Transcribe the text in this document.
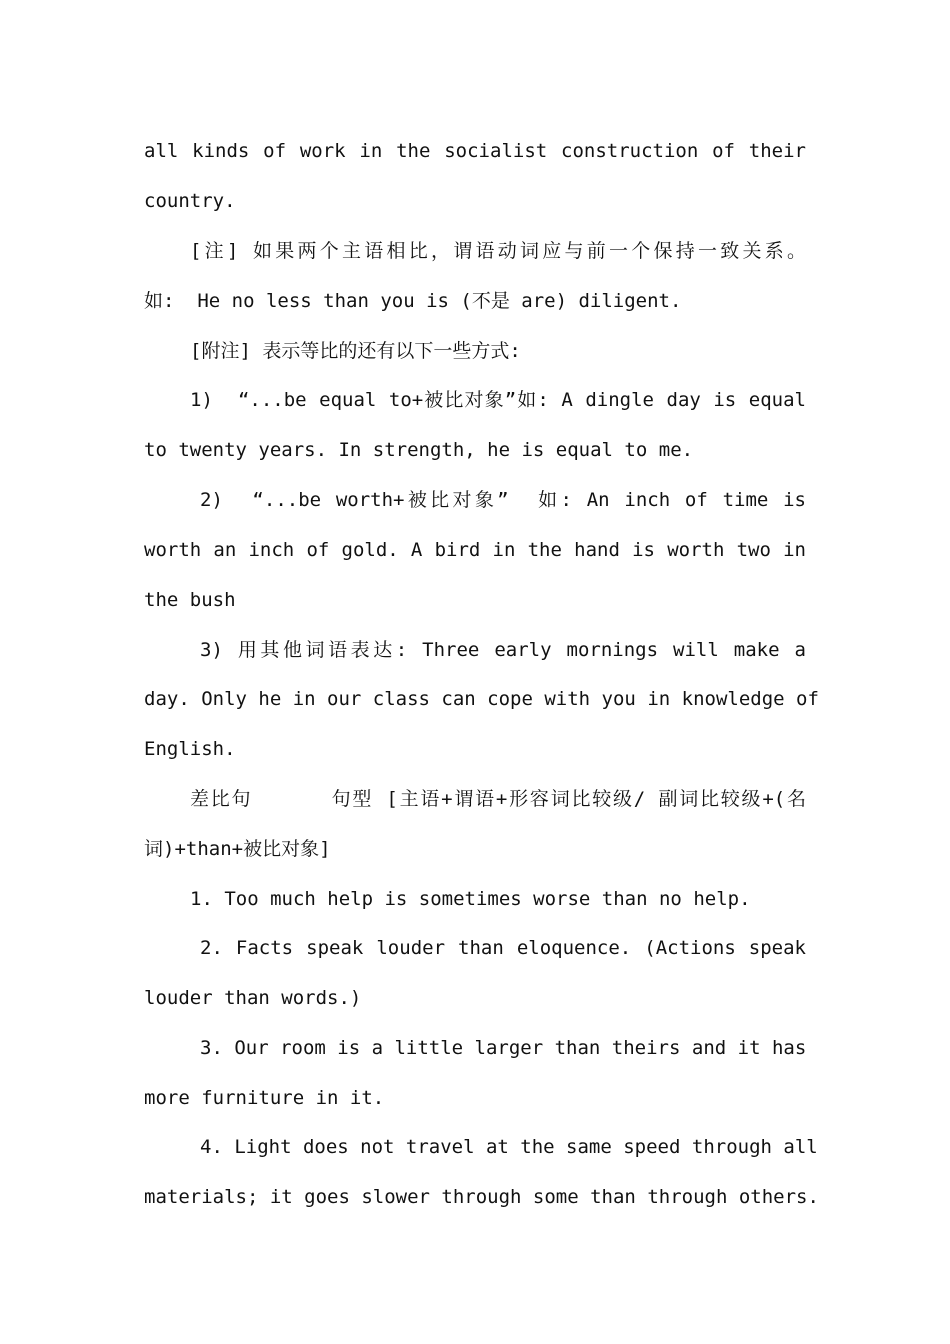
all kinds of work in the socialist construction of their
country.
[注] 如果两个主语相比，谓语动词应与前一个保持一致关系。
如:  He no less than you is (不是 are) diligent.
[附注] 表示等比的还有以下一些方式:
1)  “...be equal to+被比对象”如: A dingle day is equal
to twenty years. In strength, he is equal to me.
2)  “...be worth+被比对象”  如: An inch of time is
worth an inch of gold. A bird in the hand is worth two in
the bush
3) 用其他词语表达: Three early mornings will make a
day. Only he in our class can cope with you in knowledge of
English.
差比句      句型 [主语+谓语+形容词比较级/ 副词比较级+(名
词)+than+被比对象]
1. Too much help is sometimes worse than no help.
2. Facts speak louder than eloquence. (Actions speak
louder than words.)
3. Our room is a little larger than theirs and it has
more furniture in it.
4. Light does not travel at the same speed through all
materials; it goes slower through some than through others.
